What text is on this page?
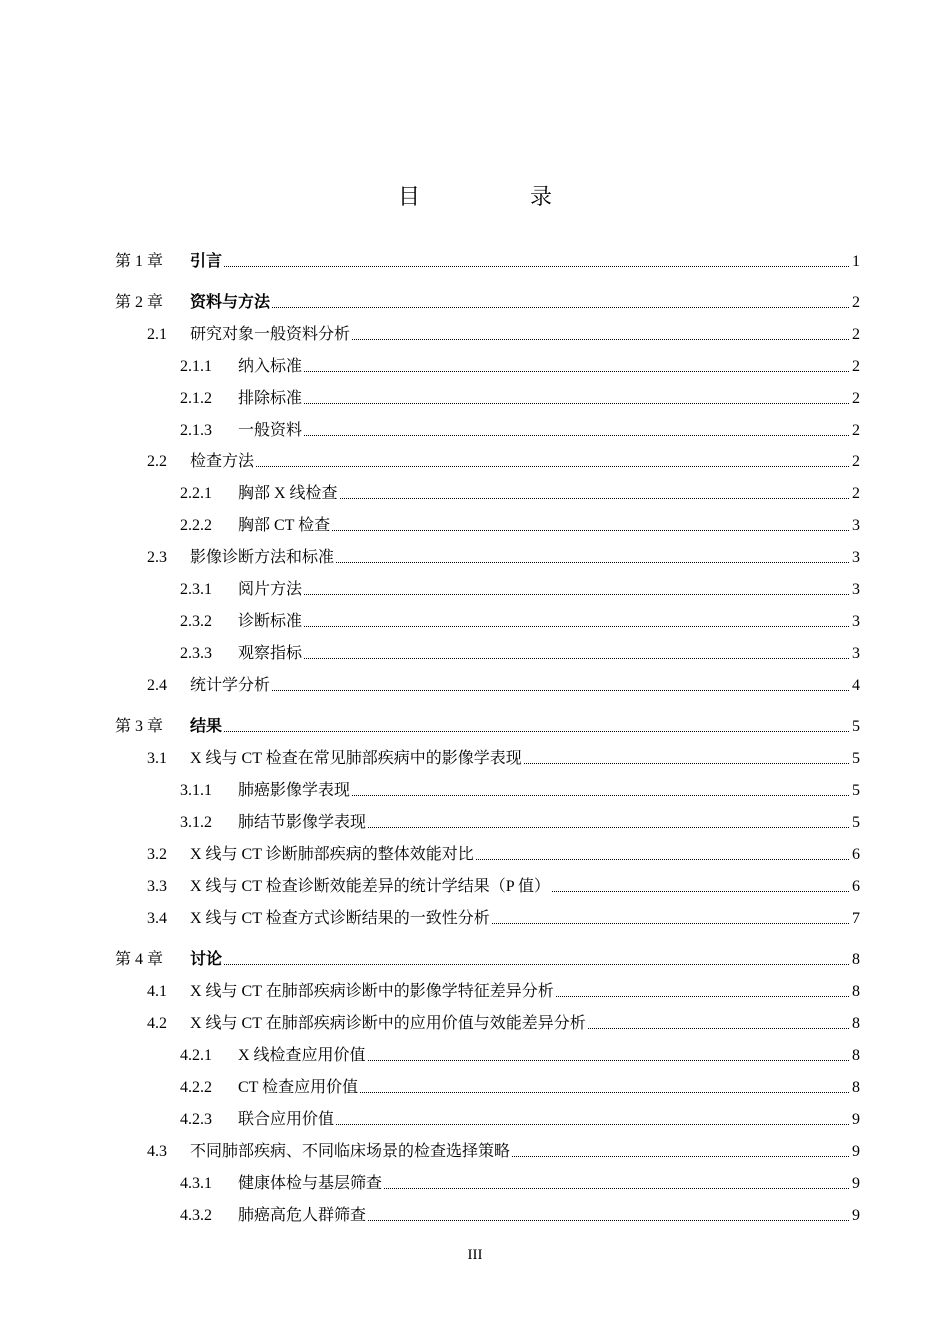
目　录
第 1 章	引言	1
第 2 章	资料与方法	2
2.1	研究对象一般资料分析	2
2.1.1	纳入标准	2
2.1.2	排除标准	2
2.1.3	一般资料	2
2.2	检查方法	2
2.2.1	胸部 X 线检查	2
2.2.2	胸部 CT 检查	3
2.3	影像诊断方法和标准	3
2.3.1	阅片方法	3
2.3.2	诊断标准	3
2.3.3	观察指标	3
2.4	统计学分析	4
第 3 章	结果	5
3.1	X 线与 CT 检查在常见肺部疾病中的影像学表现	5
3.1.1	肺癌影像学表现	5
3.1.2	肺结节影像学表现	5
3.2	X 线与 CT 诊断肺部疾病的整体效能对比	6
3.3	X 线与 CT 检查诊断效能差异的统计学结果（P 值）	6
3.4	X 线与 CT 检查方式诊断结果的一致性分析	7
第 4 章	讨论	8
4.1	X 线与 CT 在肺部疾病诊断中的影像学特征差异分析	8
4.2	X 线与 CT 在肺部疾病诊断中的应用价值与效能差异分析	8
4.2.1	X 线检查应用价值	8
4.2.2	CT 检查应用价值	8
4.2.3	联合应用价值	9
4.3	不同肺部疾病、不同临床场景的检查选择策略	9
4.3.1	健康体检与基层筛查	9
4.3.2	肺癌高危人群筛查	9
III
